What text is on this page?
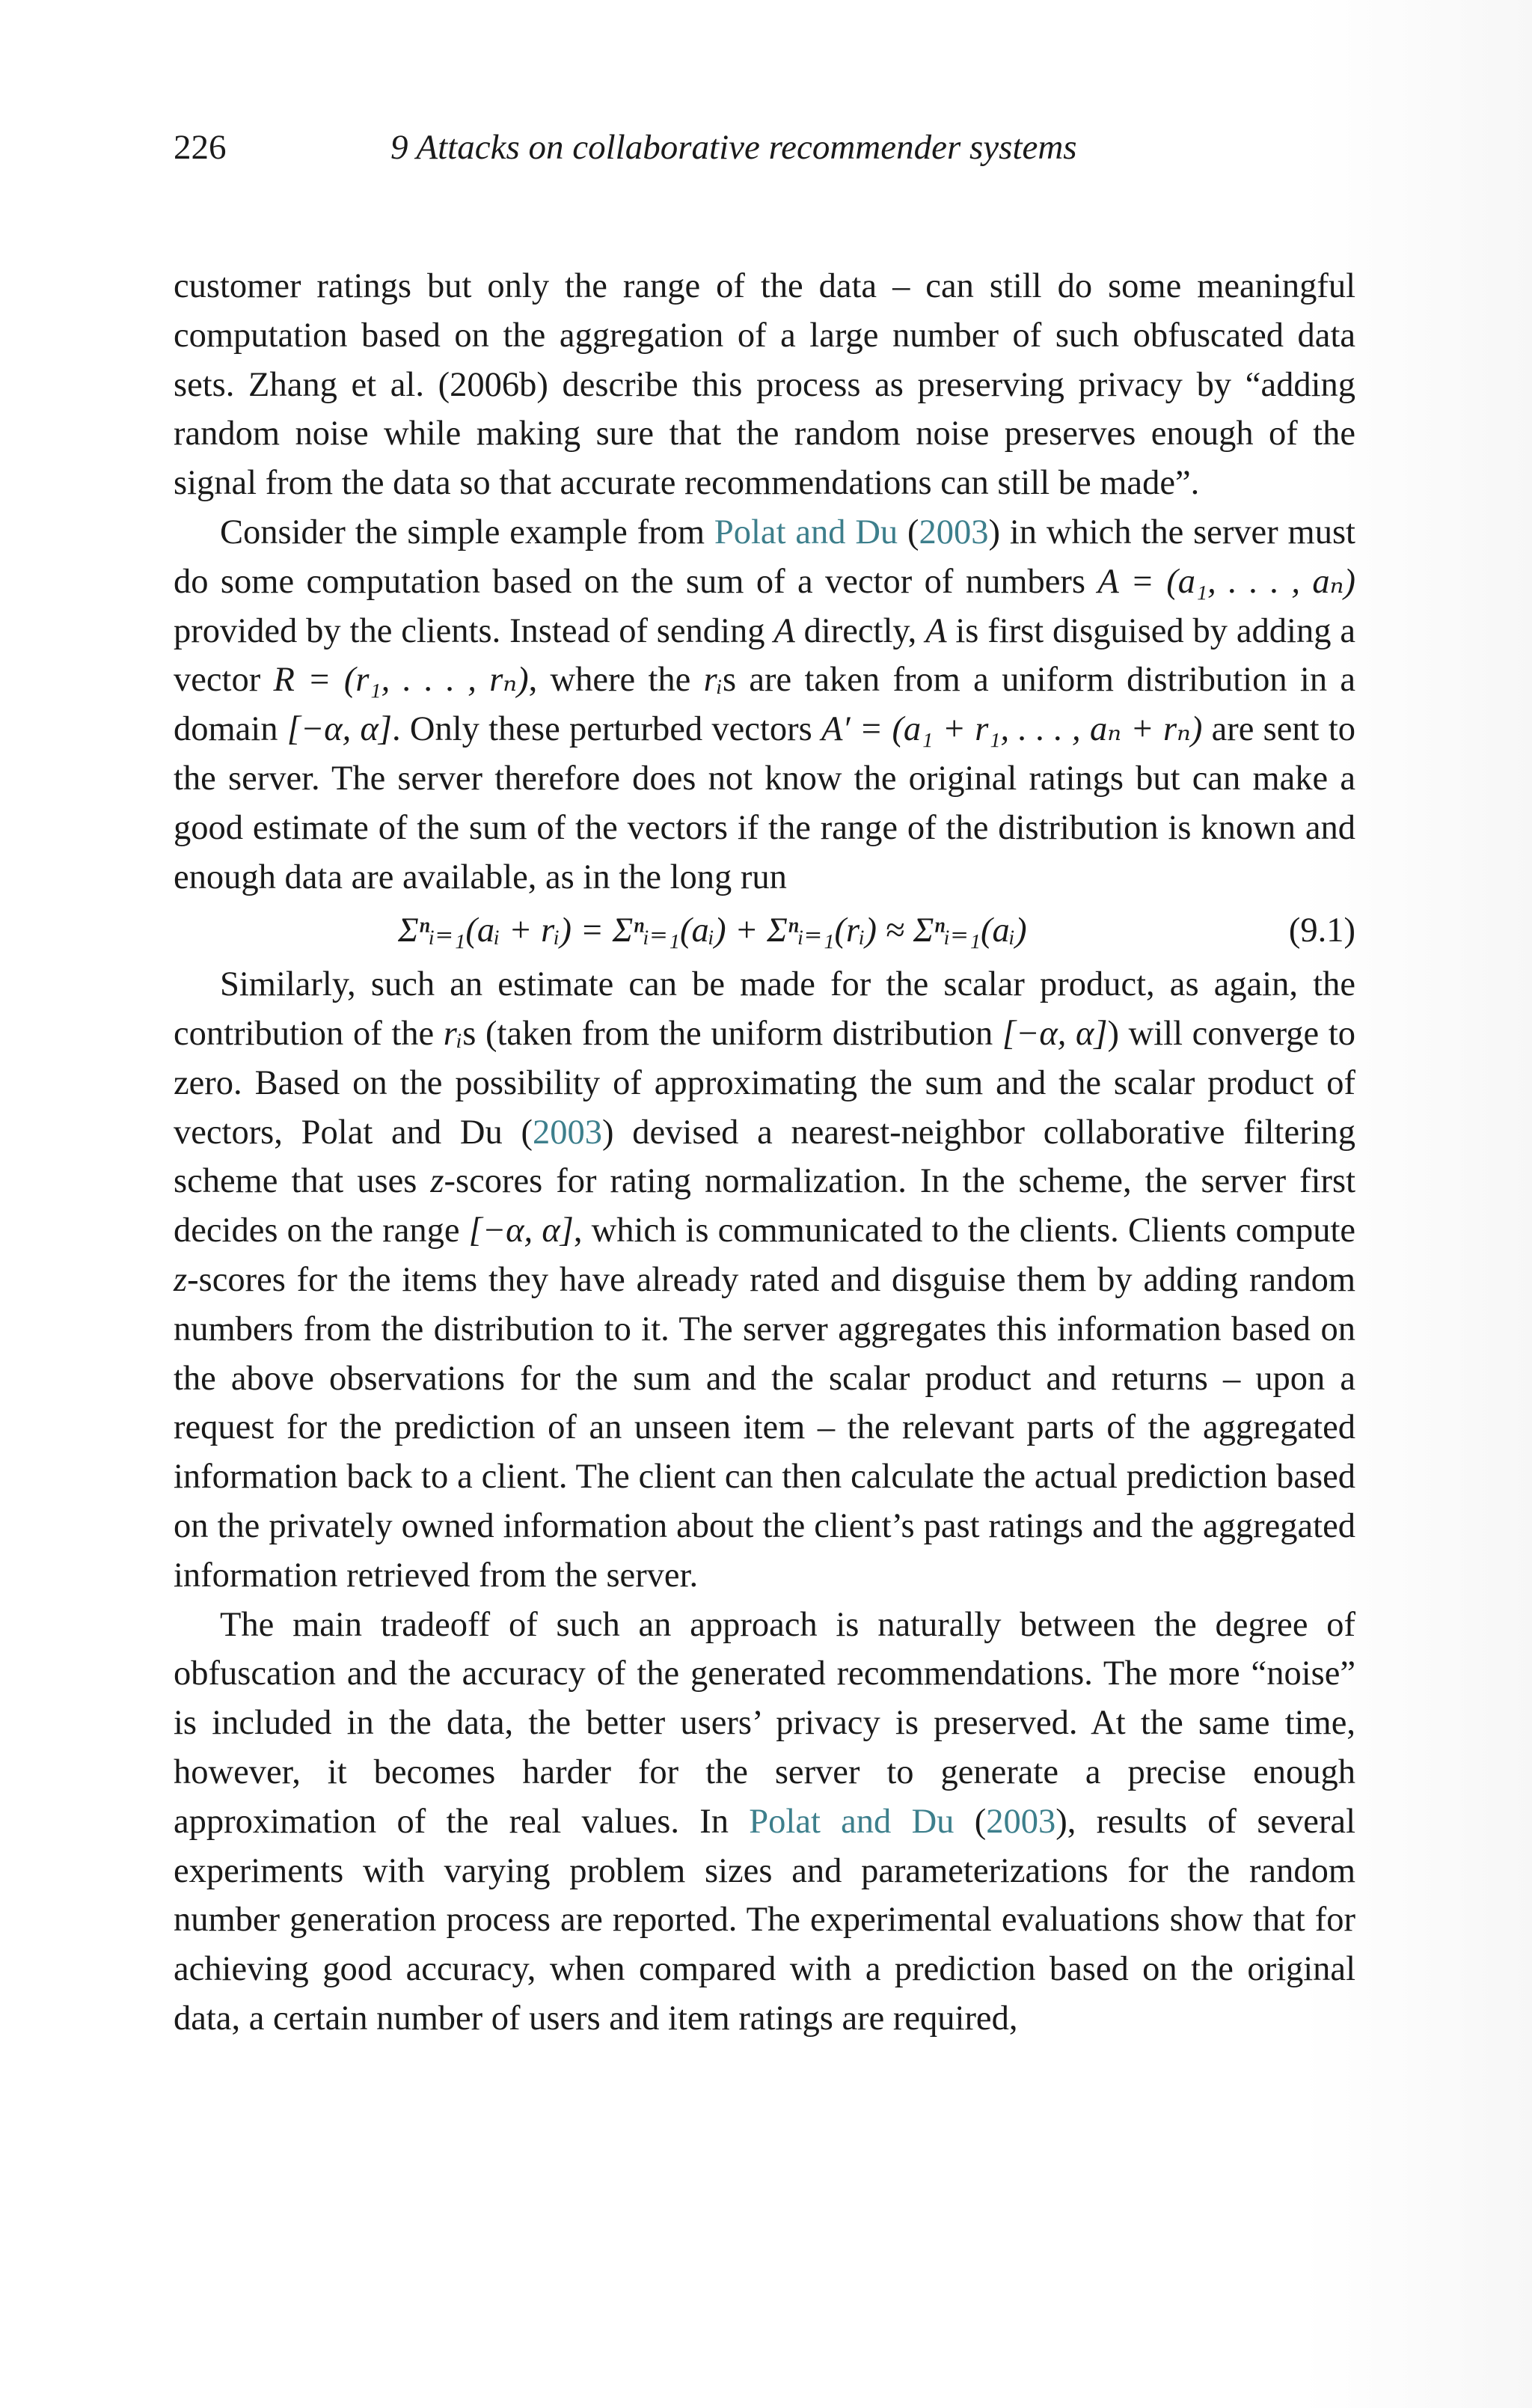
226	9 Attacks on collaborative recommender systems

customer ratings but only the range of the data – can still do some meaningful computation based on the aggregation of a large number of such obfuscated data sets. Zhang et al. (2006b) describe this process as preserving privacy by “adding random noise while making sure that the random noise preserves enough of the signal from the data so that accurate recommendations can still be made”.

Consider the simple example from Polat and Du (2003) in which the server must do some computation based on the sum of a vector of numbers A = (a₁, . . . , aₙ) provided by the clients. Instead of sending A directly, A is first disguised by adding a vector R = (r₁, . . . , rₙ), where the rᵢs are taken from a uniform distribution in a domain [−α, α]. Only these perturbed vectors A′ = (a₁ + r₁, . . . , aₙ + rₙ) are sent to the server. The server therefore does not know the original ratings but can make a good estimate of the sum of the vectors if the range of the distribution is known and enough data are available, as in the long run

Σⁿᵢ₌₁(aᵢ + rᵢ) = Σⁿᵢ₌₁(aᵢ) + Σⁿᵢ₌₁(rᵢ) ≈ Σⁿᵢ₌₁(aᵢ)	(9.1)

Similarly, such an estimate can be made for the scalar product, as again, the contribution of the rᵢs (taken from the uniform distribution [−α, α]) will converge to zero. Based on the possibility of approximating the sum and the scalar product of vectors, Polat and Du (2003) devised a nearest-neighbor collaborative filtering scheme that uses z-scores for rating normalization. In the scheme, the server first decides on the range [−α, α], which is communicated to the clients. Clients compute z-scores for the items they have already rated and disguise them by adding random numbers from the distribution to it. The server aggregates this information based on the above observations for the sum and the scalar product and returns – upon a request for the prediction of an unseen item – the relevant parts of the aggregated information back to a client. The client can then calculate the actual prediction based on the privately owned information about the client’s past ratings and the aggregated information retrieved from the server.

The main tradeoff of such an approach is naturally between the degree of obfuscation and the accuracy of the generated recommendations. The more “noise” is included in the data, the better users’ privacy is preserved. At the same time, however, it becomes harder for the server to generate a precise enough approximation of the real values. In Polat and Du (2003), results of several experiments with varying problem sizes and parameterizations for the random number generation process are reported. The experimental evaluations show that for achieving good accuracy, when compared with a prediction based on the original data, a certain number of users and item ratings are required,
